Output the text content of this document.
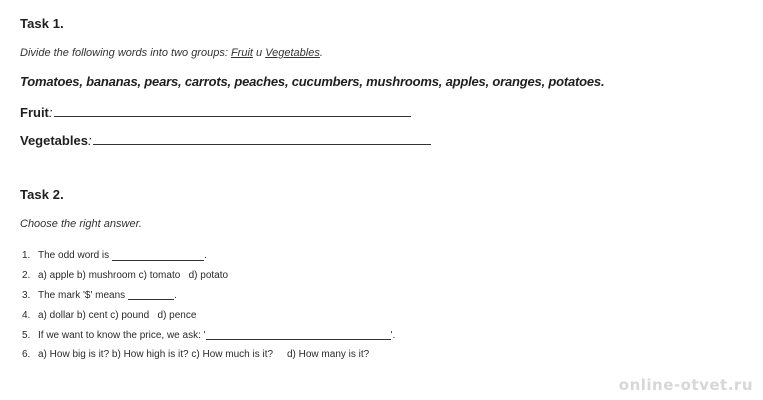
Task 1.
Divide the following words into two groups: Fruit u Vegetables.
Tomatoes, bananas, pears, carrots, peaches, cucumbers, mushrooms, apples, oranges, potatoes.
Fruit :
Vegetables :
Task 2.
Choose the right answer.
1. The odd word is	.
2. a) apple b) mushroom c) tomato   d) potato
3. The mark '$' means	.
4. a) dollar b) cent c) pound   d) pence
5. If we want to know the price, we ask: '	'.
6. a) How big is it? b) How high is it? c) How much is it?     d) How many is it?
online-otvet.ru
